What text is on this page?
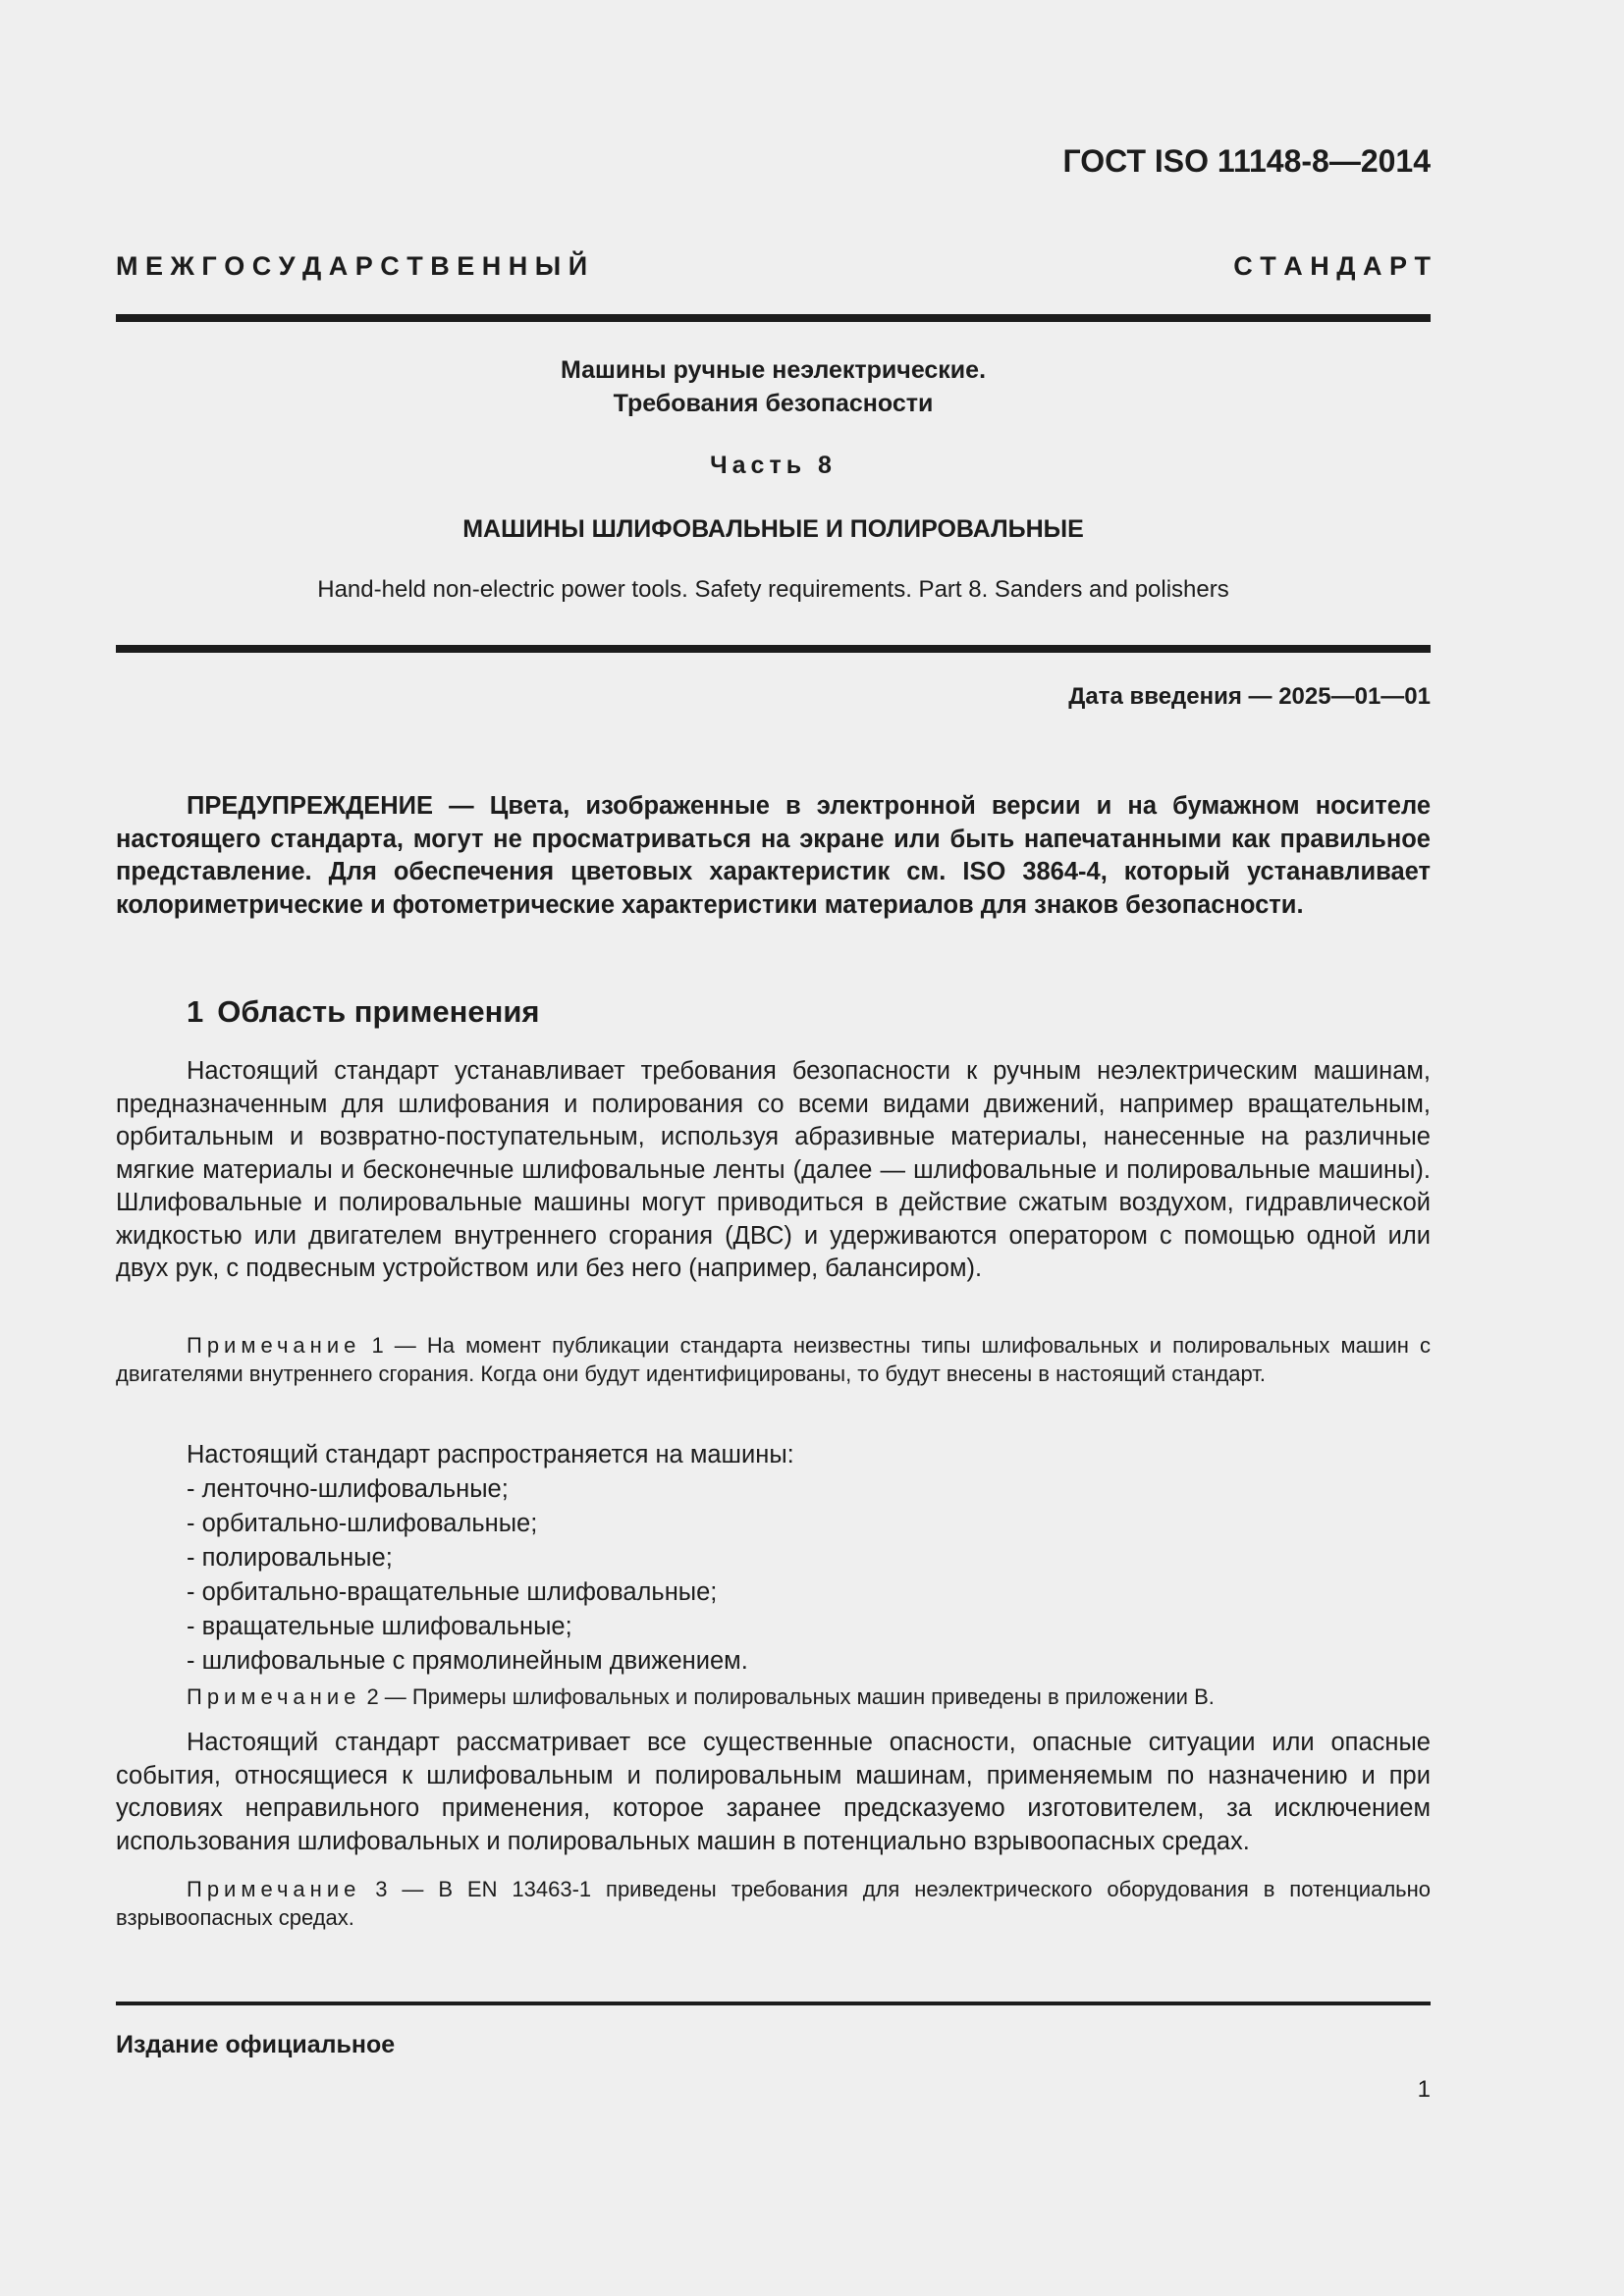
ГОСТ ISO 11148-8—2014
М Е Ж Г О С У Д А Р С Т В Е Н Н Ы Й	С Т А Н Д А Р Т
Машины ручные неэлектрические.
Требования безопасности
Часть 8
МАШИНЫ ШЛИФОВАЛЬНЫЕ И ПОЛИРОВАЛЬНЫЕ
Hand-held non-electric power tools. Safety requirements. Part 8. Sanders and polishers
Дата введения — 2025—01—01
ПРЕДУПРЕЖДЕНИЕ — Цвета, изображенные в электронной версии и на бумажном носителе настоящего стандарта, могут не просматриваться на экране или быть напечатанными как правильное представление. Для обеспечения цветовых характеристик см. ISO 3864-4, который устанавливает колориметрические и фотометрические характеристики материалов для знаков безопасности.
1 Область применения
Настоящий стандарт устанавливает требования безопасности к ручным неэлектрическим машинам, предназначенным для шлифования и полирования со всеми видами движений, например вращательным, орбитальным и возвратно-поступательным, используя абразивные материалы, нанесенные на различные мягкие материалы и бесконечные шлифовальные ленты (далее — шлифовальные и полировальные машины). Шлифовальные и полировальные машины могут приводиться в действие сжатым воздухом, гидравлической жидкостью или двигателем внутреннего сгорания (ДВС) и удерживаются оператором с помощью одной или двух рук, с подвесным устройством или без него (например, балансиром).
Примечание 1 — На момент публикации стандарта неизвестны типы шлифовальных и полировальных машин с двигателями внутреннего сгорания. Когда они будут идентифицированы, то будут внесены в настоящий стандарт.
Настоящий стандарт распространяется на машины:
- ленточно-шлифовальные;
- орбитально-шлифовальные;
- полировальные;
- орбитально-вращательные шлифовальные;
- вращательные шлифовальные;
- шлифовальные с прямолинейным движением.
Примечание 2 — Примеры шлифовальных и полировальных машин приведены в приложении В.
Настоящий стандарт рассматривает все существенные опасности, опасные ситуации или опасные события, относящиеся к шлифовальным и полировальным машинам, применяемым по назначению и при условиях неправильного применения, которое заранее предсказуемо изготовителем, за исключением использования шлифовальных и полировальных машин в потенциально взрывоопасных средах.
Примечание 3 — В EN 13463-1 приведены требования для неэлектрического оборудования в потенциально взрывоопасных средах.
Издание официальное
1
